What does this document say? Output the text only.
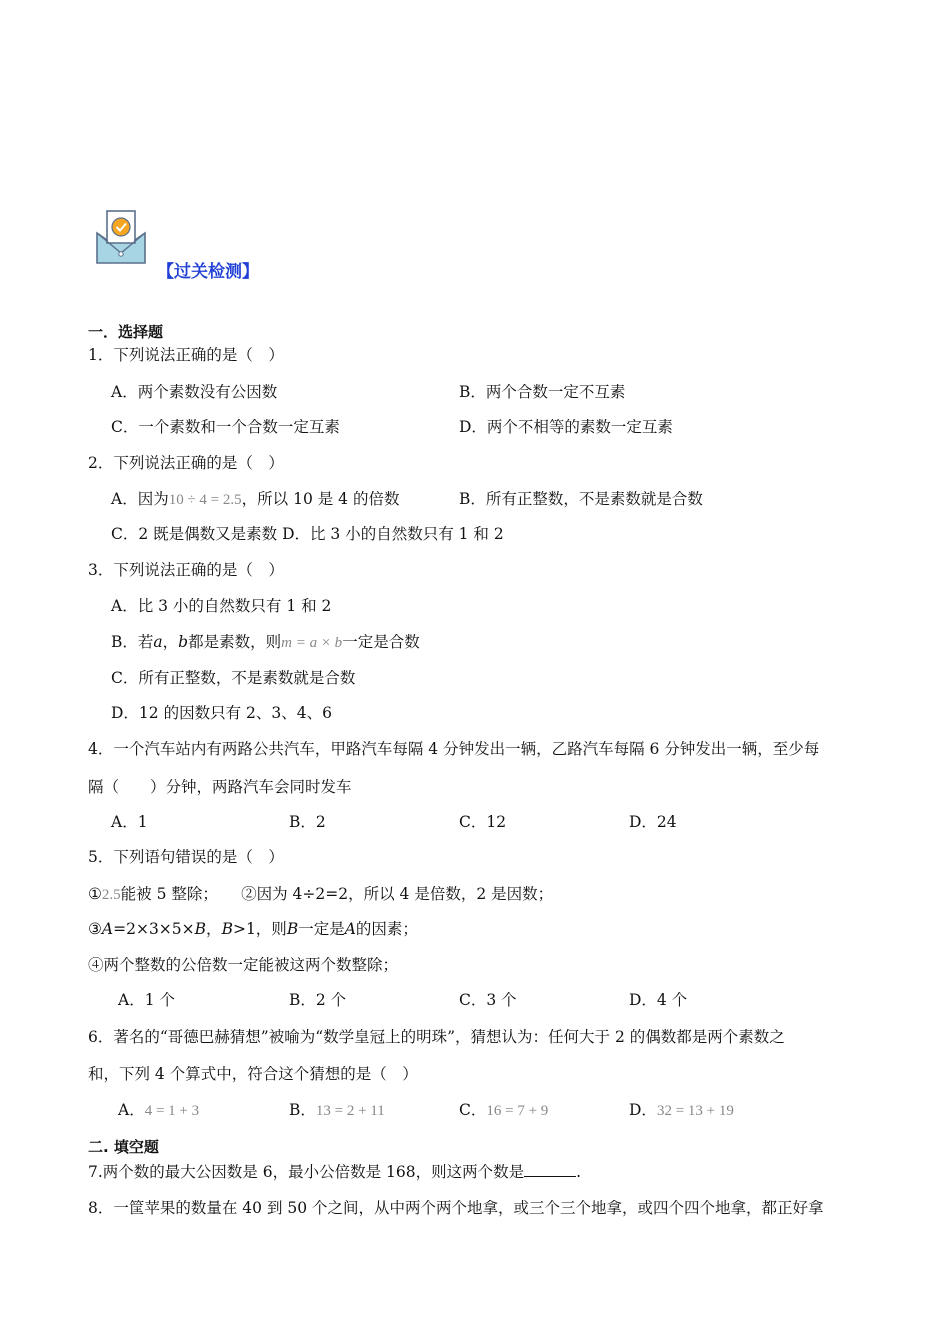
【过关检测】
一．选择题
1．下列说法正确的是（　）
A．两个素数没有公因数	B．两个合数一定不互素
C．一个素数和一个合数一定互素	D．两个不相等的素数一定互素
2．下列说法正确的是（　）
A．因为10 ÷ 4 = 2.5，所以 10 是 4 的倍数	B．所有正整数，不是素数就是合数
C．2 既是偶数又是素数 D．比 3 小的自然数只有 1 和 2
3．下列说法正确的是（　）
A．比 3 小的自然数只有 1 和 2
B．若a，b都是素数，则m = a × b一定是合数
C．所有正整数，不是素数就是合数
D．12 的因数只有 2、3、4、6
4．一个汽车站内有两路公共汽车，甲路汽车每隔 4 分钟发出一辆，乙路汽车每隔 6 分钟发出一辆，至少每
隔（　　）分钟，两路汽车会同时发车
A．1	B．2	C．12	D．24
5．下列语句错误的是（　）
①2.5能被 5 整除；　　②因为 4÷2=2，所以 4 是倍数，2 是因数；
③A=2×3×5×B，B>1，则B一定是A的因素；
④两个整数的公倍数一定能被这两个数整除；
A．1 个	B．2 个	C．3 个	D．4 个
6．著名的“哥德巴赫猜想”被喻为“数学皇冠上的明珠”，猜想认为：任何大于 2 的偶数都是两个素数之
和，下列 4 个算式中，符合这个猜想的是（　）
A．4 = 1 + 3	B．13 = 2 + 11	C．16 = 7 + 9	D．32 = 13 + 19
二. 填空题
7.两个数的最大公因数是 6，最小公倍数是 168，则这两个数是	.
8．一筐苹果的数量在 40 到 50 个之间，从中两个两个地拿，或三个三个地拿，或四个四个地拿，都正好拿
